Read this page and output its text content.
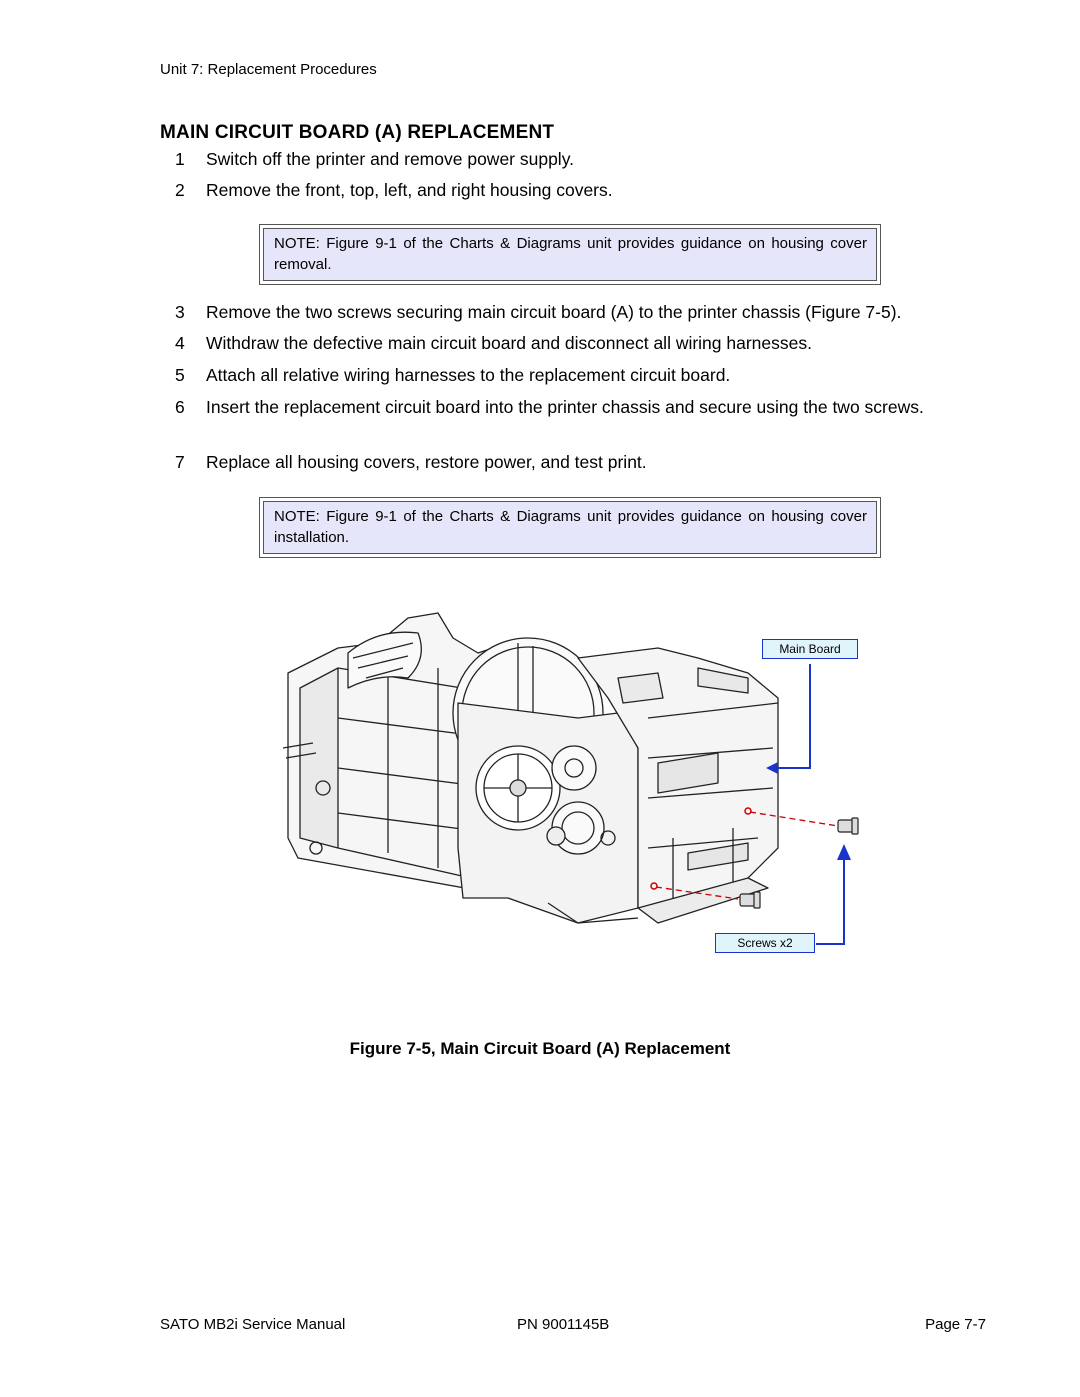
Unit 7: Replacement Procedures
MAIN CIRCUIT BOARD (A) REPLACEMENT
1	Switch off the printer and remove power supply.
2	Remove the front, top, left, and right housing covers.
NOTE: Figure 9-1 of the Charts & Diagrams unit provides guidance on housing cover removal.
3	Remove the two screws securing main circuit board (A) to the printer chassis (Figure 7-5).
4	Withdraw the defective main circuit board and disconnect all wiring harnesses.
5	Attach all relative wiring harnesses to the replacement circuit board.
6	Insert the replacement circuit board into the printer chassis and secure using the two screws.
7	Replace all housing covers, restore power, and test print.
NOTE: Figure 9-1 of the Charts & Diagrams unit provides guidance on housing cover installation.
Main Board
Screws x2
Figure 7-5, Main Circuit Board (A) Replacement
SATO MB2i Service Manual	PN 9001145B	Page 7-7
